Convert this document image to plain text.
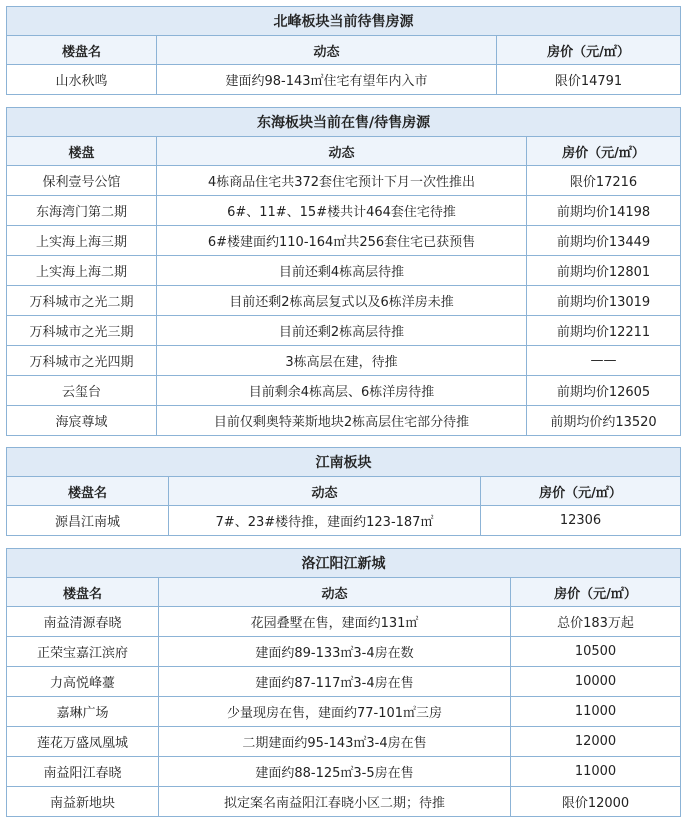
北峰板块当前待售房源		
楼盘名	动态	房价（元/㎡）
山水秋鸣	建面约98-143㎡住宅有望年内入市	限价14791
东海板块当前在售/待售房源		
楼盘	动态	房价（元/㎡）
保利壹号公馆	4栋商品住宅共372套住宅预计下月一次性推出	限价17216
东海湾门第二期	6#、11#、15#楼共计464套住宅待推	前期均价14198
上实海上海三期	6#楼建面约110-164㎡共256套住宅已获预售	前期均价13449
上实海上海二期	目前还剩4栋高层待推	前期均价12801
万科城市之光二期	目前还剩2栋高层复式以及6栋洋房未推	前期均价13019
万科城市之光三期	目前还剩2栋高层待推	前期均价12211
万科城市之光四期	3栋高层在建，待推	——
云玺台	目前剩余4栋高层、6栋洋房待推	前期均价12605
海宸尊域	目前仅剩奥特莱斯地块2栋高层住宅部分待推	前期均价约13520
江南板块		
楼盘名	动态	房价（元/㎡）
源昌江南城	7#、23#楼待推，建面约123-187㎡	12306
洛江阳江新城		
楼盘名	动态	房价（元/㎡）
南益清源春晓	花园叠墅在售，建面约131㎡	总价183万起
正荣宝嘉江滨府	建面约89-133㎡3-4房在数	10500
力高悦峰薹	建面约87-117㎡3-4房在售	10000
嘉琳广场	少量现房在售，建面约77-101㎡三房	11000
莲花万盛凤凰城	二期建面约95-143㎡3-4房在售	12000
南益阳江春晓	建面约88-125㎡3-5房在售	11000
南益新地块	拟定案名南益阳江春晓小区二期；待推	限价12000
